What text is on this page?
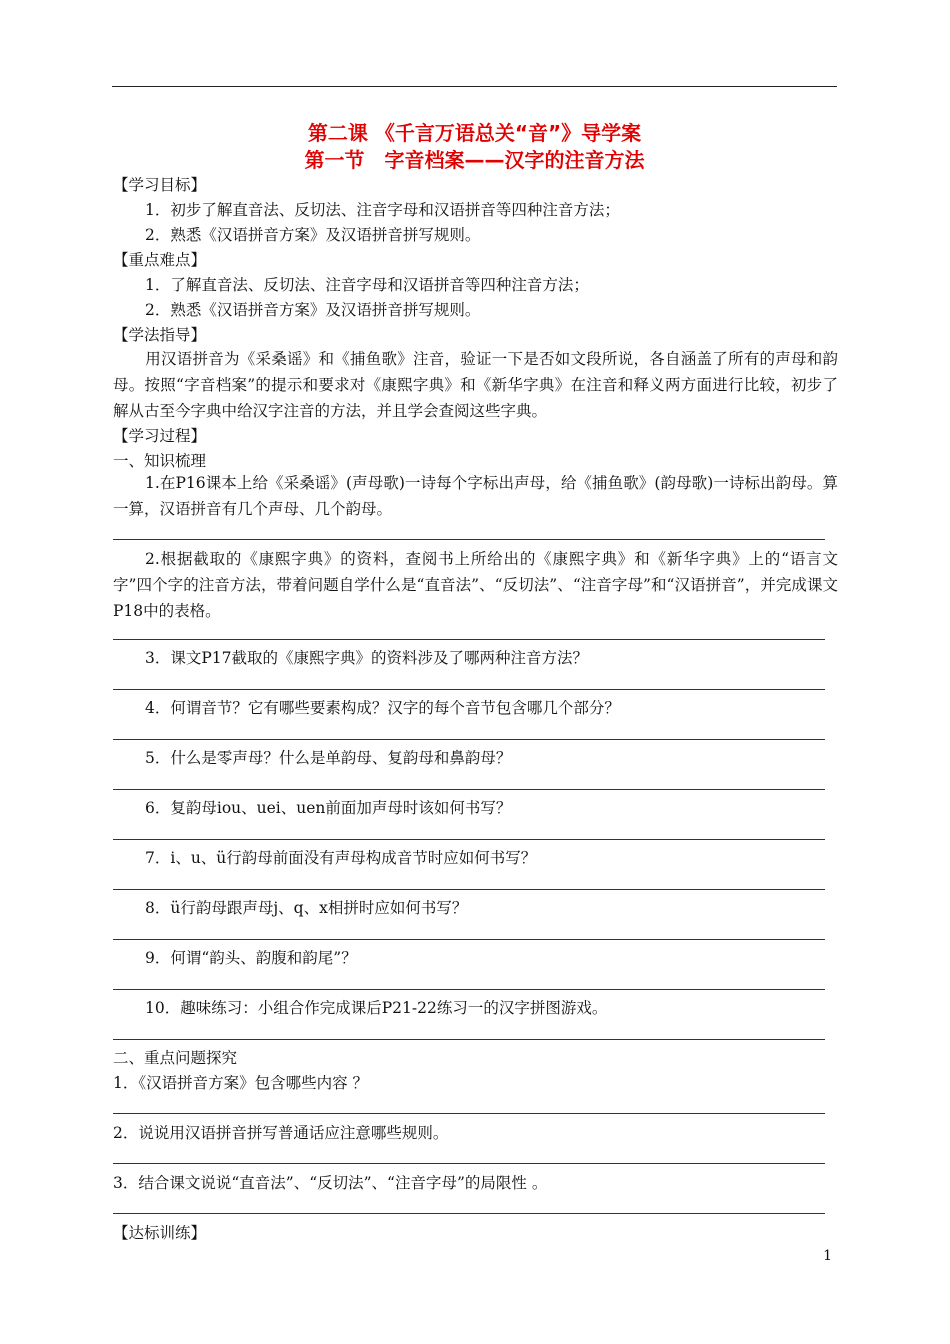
第二课 《千言万语总关“音”》导学案
第一节　字音档案——汉字的注音方法
【学习目标】
1．初步了解直音法、反切法、注音字母和汉语拼音等四种注音方法；
2．熟悉《汉语拼音方案》及汉语拼音拼写规则。
【重点难点】
1．了解直音法、反切法、注音字母和汉语拼音等四种注音方法；
2．熟悉《汉语拼音方案》及汉语拼音拼写规则。
【学法指导】
用汉语拼音为《采桑谣》和《捕鱼歌》注音，验证一下是否如文段所说，各自涵盖了所有的声母和韵母。按照“字音档案”的提示和要求对《康熙字典》和《新华字典》在注音和释义两方面进行比较，初步了解从古至今字典中给汉字注音的方法，并且学会查阅这些字典。
【学习过程】
一、知识梳理
1.在P16课本上给《采桑谣》(声母歌)一诗每个字标出声母，给《捕鱼歌》(韵母歌)一诗标出韵母。算一算，汉语拼音有几个声母、几个韵母。
2.根据截取的《康熙字典》的资料，查阅书上所给出的《康熙字典》和《新华字典》上的“语言文字”四个字的注音方法，带着问题自学什么是“直音法”、“反切法”、“注音字母”和“汉语拼音”，并完成课文P18中的表格。
3．课文P17截取的《康熙字典》的资料涉及了哪两种注音方法？
4．何谓音节？它有哪些要素构成？汉字的每个音节包含哪几个部分？
5．什么是零声母？什么是单韵母、复韵母和鼻韵母？
6．复韵母iou、uei、uen前面加声母时该如何书写？
7．i、u、ü行韵母前面没有声母构成音节时应如何书写？
8．ü行韵母跟声母j、q、x相拼时应如何书写？
9．何谓“韵头、韵腹和韵尾”？
10．趣味练习：小组合作完成课后P21-22练习一的汉字拼图游戏。
二、重点问题探究
1．《汉语拼音方案》包含哪些内容 ？
2．说说用汉语拼音拼写普通话应注意哪些规则。
3．结合课文说说“直音法”、“反切法”、“注音字母”的局限性 。
【达标训练】
1
